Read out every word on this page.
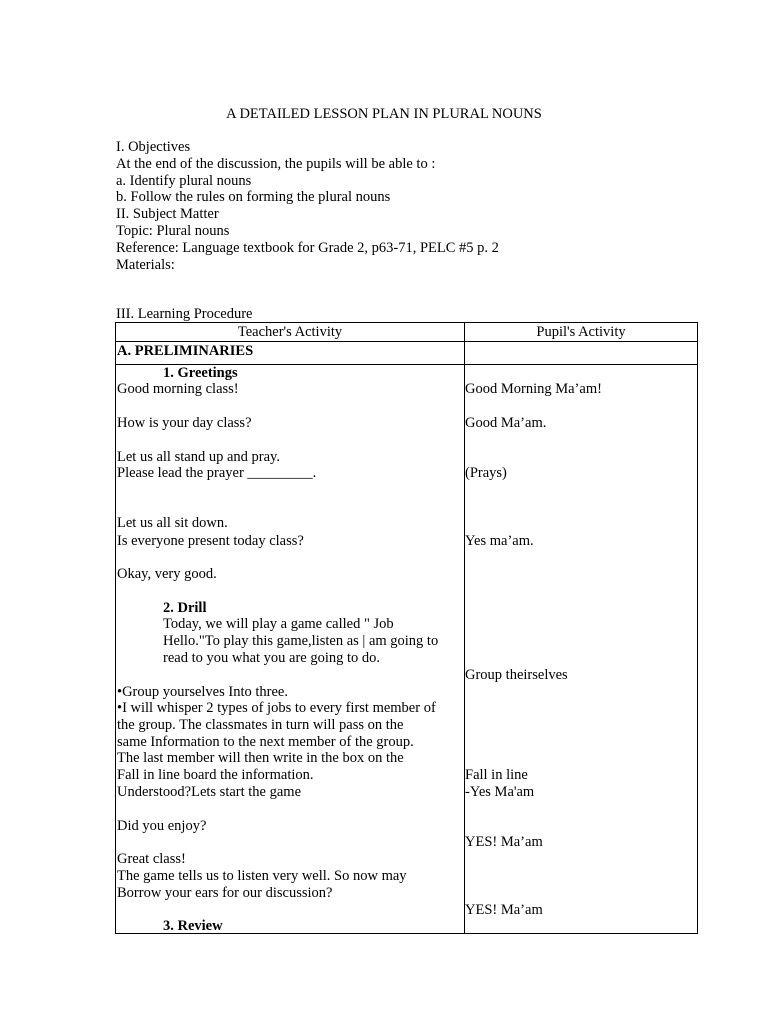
A DETAILED LESSON PLAN IN PLURAL NOUNS
I. Objectives
At the end of the discussion, the pupils will be able to :
a. Identify plural nouns
b. Follow the rules on forming the plural nouns
II. Subject Matter
Topic: Plural nouns
Reference: Language textbook for Grade 2, p63-71, PELC #5 p. 2
Materials:
III. Learning Procedure
Teacher's Activity	Pupil's Activity
A. PRELIMINARIES
1. Greetings
Good morning class!
How is your day class?
Let us all stand up and pray.
Please lead the prayer _________.
Let us all sit down.
Is everyone present today class?
Okay, very good.
Good Morning Ma’am!
Good Ma’am.
(Prays)
Yes ma’am.
2. Drill
Today, we will play a game called " Job
Hello."To play this game,listen as | am going to
read to you what you are going to do.
•Group yourselves Into three.
•I will whisper 2 types of jobs to every first member of
the group. The classmates in turn will pass on the
same Information to the next member of the group.
The last member will then write in the box on the
Fall in line board the information.
Understood?Lets start the game
Did you enjoy?
Great class!
The game tells us to listen very well. So now may
Borrow your ears for our discussion?
Group theirselves
Fall in line
-Yes Ma'am
YES! Ma’am
YES! Ma’am
3. Review
